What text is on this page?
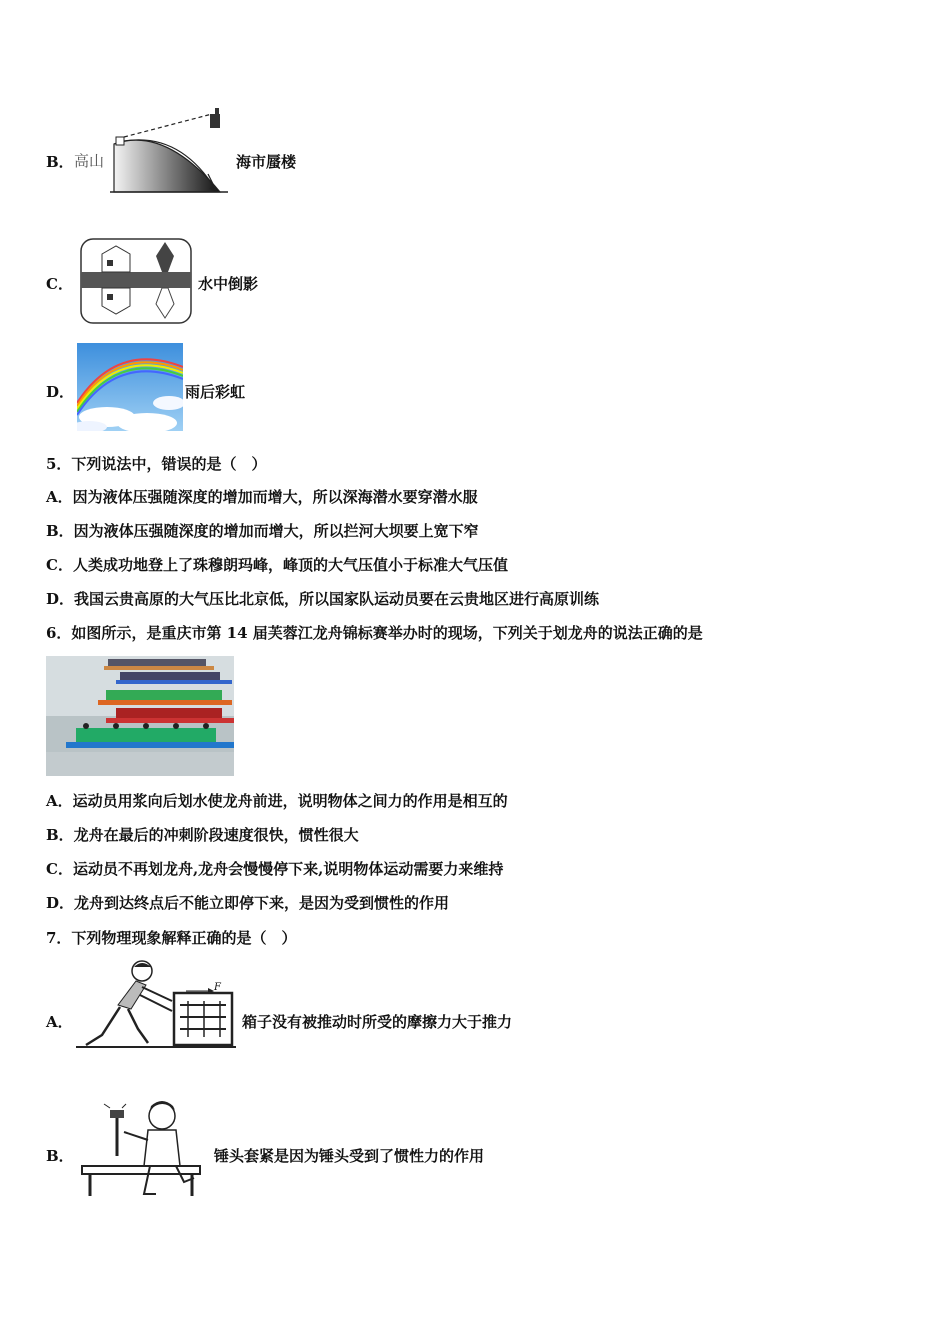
B． 高山	海市蜃楼
C．	水中倒影
D．	雨后彩虹
5．下列说法中，错误的是（　）
A．因为液体压强随深度的增加而增大，所以深海潜水要穿潜水服
B．因为液体压强随深度的增加而增大，所以拦河大坝要上宽下窄
C．人类成功地登上了珠穆朗玛峰，峰顶的大气压值小于标准大气压值
D．我国云贵高原的大气压比北京低，所以国家队运动员要在云贵地区进行高原训练
6．如图所示，是重庆市第 14 届芙蓉江龙舟锦标赛举办时的现场，下列关于划龙舟的说法正确的是
A．运动员用浆向后划水使龙舟前进，说明物体之间力的作用是相互的
B．龙舟在最后的冲刺阶段速度很快，惯性很大
C．运动员不再划龙舟,龙舟会慢慢停下来,说明物体运动需要力来维持
D．龙舟到达终点后不能立即停下来，是因为受到惯性的作用
7．下列物理现象解释正确的是（　）
A．
F
箱子没有被推动时所受的摩擦力大于推力
B．	锤头套紧是因为锤头受到了惯性力的作用
